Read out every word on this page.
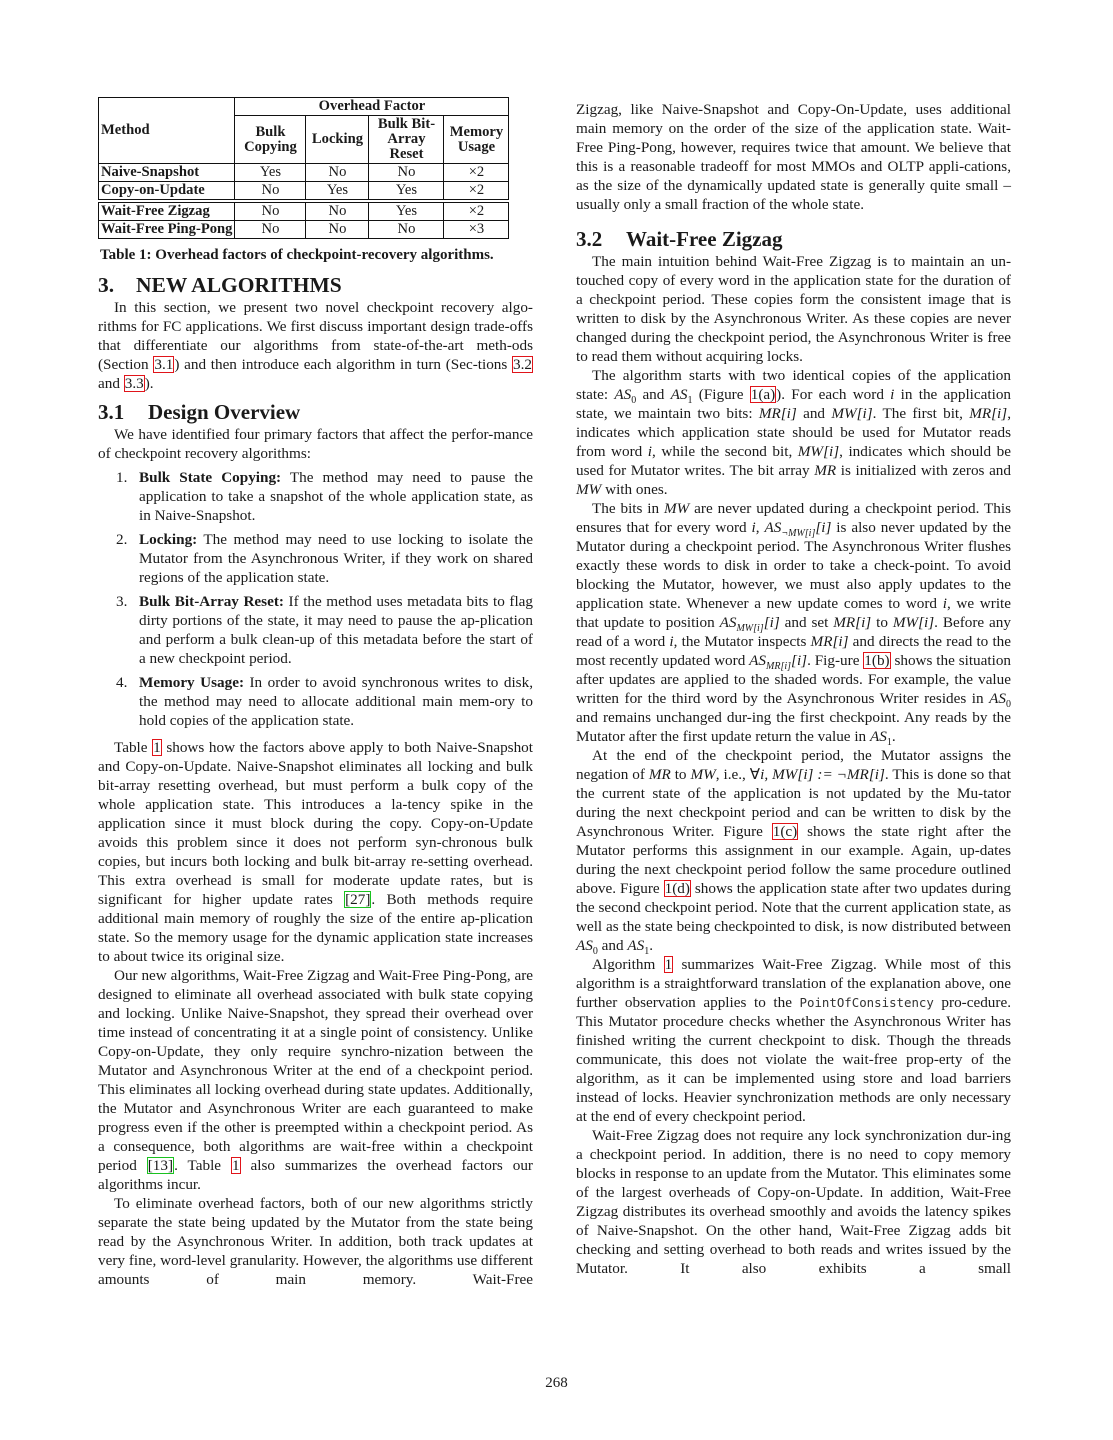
Method	Overhead Factor			
	Bulk Copying	Locking	Bulk Bit-Array Reset	Memory Usage
Naive-Snapshot	Yes	No	No	×2
Copy-on-Update	No	Yes	Yes	×2

Wait-Free Zigzag	No	No	Yes	×2
Wait-Free Ping-Pong	No	No	No	×3
Table 1: Overhead factors of checkpoint-recovery algorithms.
3. NEW ALGORITHMS

In this section, we present two novel checkpoint recovery algo-rithms for FC applications. We first discuss important design trade-offs that differentiate our algorithms from state-of-the-art meth-ods (Section 3.1) and then introduce each algorithm in turn (Sec-tions 3.2 and 3.3).

3.1 Design Overview

We have identified four primary factors that affect the perfor-mance of checkpoint recovery algorithms:

1. Bulk State Copying: The method may need to pause the application to take a snapshot of the whole application state, as in Naive-Snapshot.
2. Locking: The method may need to use locking to isolate the Mutator from the Asynchronous Writer, if they work on shared regions of the application state.
3. Bulk Bit-Array Reset: If the method uses metadata bits to flag dirty portions of the state, it may need to pause the ap-plication and perform a bulk clean-up of this metadata before the start of a new checkpoint period.
4. Memory Usage: In order to avoid synchronous writes to disk, the method may need to allocate additional main mem-ory to hold copies of the application state.

Table 1 shows how the factors above apply to both Naive-Snapshot and Copy-on-Update. Naive-Snapshot eliminates all locking and bulk bit-array resetting overhead, but must perform a bulk copy of the whole application state. This introduces a la-tency spike in the application since it must block during the copy. Copy-on-Update avoids this problem since it does not perform syn-chronous bulk copies, but incurs both locking and bulk bit-array re-setting overhead. This extra overhead is small for moderate update rates, but is significant for higher update rates [27]. Both methods require additional main memory of roughly the size of the entire ap-plication state. So the memory usage for the dynamic application state increases to about twice its original size.

Our new algorithms, Wait-Free Zigzag and Wait-Free Ping-Pong, are designed to eliminate all overhead associated with bulk state copying and locking. Unlike Naive-Snapshot, they spread their overhead over time instead of concentrating it at a single point of consistency. Unlike Copy-on-Update, they only require synchro-nization between the Mutator and Asynchronous Writer at the end of a checkpoint period. This eliminates all locking overhead during state updates. Additionally, the Mutator and Asynchronous Writer are each guaranteed to make progress even if the other is preempted within a checkpoint period. As a consequence, both algorithms are wait-free within a checkpoint period [13]. Table 1 also summarizes the overhead factors our algorithms incur.

To eliminate overhead factors, both of our new algorithms strictly separate the state being updated by the Mutator from the state being read by the Asynchronous Writer. In addition, both track updates at very fine, word-level granularity. However, the algorithms use different amounts of main memory. Wait-Free

Zigzag, like Naive-Snapshot and Copy-On-Update, uses additional main memory on the order of the size of the application state. Wait-Free Ping-Pong, however, requires twice that amount. We believe that this is a reasonable tradeoff for most MMOs and OLTP appli-cations, as the size of the dynamically updated state is generally quite small – usually only a small fraction of the whole state.

3.2 Wait-Free Zigzag

The main intuition behind Wait-Free Zigzag is to maintain an un-touched copy of every word in the application state for the duration of a checkpoint period. These copies form the consistent image that is written to disk by the Asynchronous Writer. As these copies are never changed during the checkpoint period, the Asynchronous Writer is free to read them without acquiring locks.

The algorithm starts with two identical copies of the application state: $AS_0$ and $AS_1$ (Figure 1(a)). For each word i in the application state, we maintain two bits: MR[i] and MW[i]. The first bit, MR[i], indicates which application state should be used for Mutator reads from word i, while the second bit, MW[i], indicates which should be used for Mutator writes. The bit array MR is initialized with zeros and MW with ones.

The bits in MW are never updated during a checkpoint period. This ensures that for every word i, $AS_{\neg MW[i]}[i]$ is also never updated by the Mutator during a checkpoint period. The Asynchronous Writer flushes exactly these words to disk in order to take a check-point. To avoid blocking the Mutator, however, we must also apply updates to the application state. Whenever a new update comes to word i, we write that update to position $AS_{MW[i]}[i]$ and set MR[i] to MW[i]. Before any read of a word i, the Mutator inspects MR[i] and directs the read to the most recently updated word $AS_{MR[i]}[i]$. Fig-ure 1(b) shows the situation after updates are applied to the shaded words. For example, the value written for the third word by the Asynchronous Writer resides in $AS_0$ and remains unchanged dur-ing the first checkpoint. Any reads by the Mutator after the first update return the value in $AS_1$.

At the end of the checkpoint period, the Mutator assigns the negation of MR to MW, i.e., ∀i, MW[i] := ¬MR[i]. This is done so that the current state of the application is not updated by the Mu-tator during the next checkpoint period and can be written to disk by the Asynchronous Writer. Figure 1(c) shows the state right after the Mutator performs this assignment in our example. Again, up-dates during the next checkpoint period follow the same procedure outlined above. Figure 1(d) shows the application state after two updates during the second checkpoint period. Note that the current application state, as well as the state being checkpointed to disk, is now distributed between $AS_0$ and $AS_1$.

Algorithm 1 summarizes Wait-Free Zigzag. While most of this algorithm is a straightforward translation of the explanation above, one further observation applies to the PointOfConsistency pro-cedure. This Mutator procedure checks whether the Asynchronous Writer has finished writing the current checkpoint to disk. Though the threads communicate, this does not violate the wait-free prop-erty of the algorithm, as it can be implemented using store and load barriers instead of locks. Heavier synchronization methods are only necessary at the end of every checkpoint period.

Wait-Free Zigzag does not require any lock synchronization dur-ing a checkpoint period. In addition, there is no need to copy memory blocks in response to an update from the Mutator. This eliminates some of the largest overheads of Copy-on-Update. In addition, Wait-Free Zigzag distributes its overhead smoothly and avoids the latency spikes of Naive-Snapshot. On the other hand, Wait-Free Zigzag adds bit checking and setting overhead to both reads and writes issued by the Mutator. It also exhibits a small

268
